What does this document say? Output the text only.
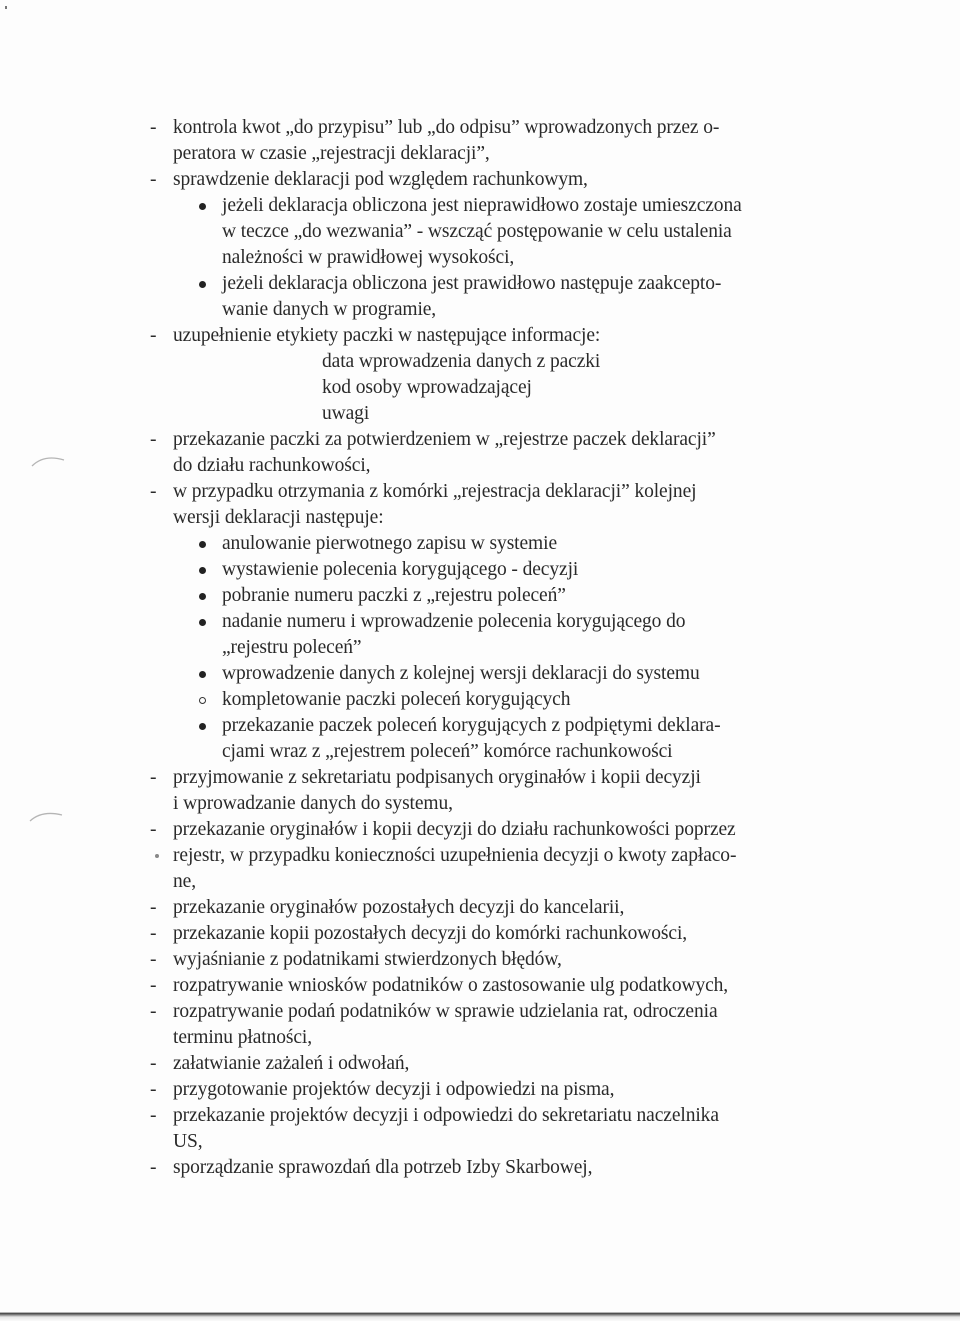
- kontrola kwot „do przypisu” lub „do odpisu” wprowadzonych przez o-
peratora w czasie „rejestracji deklaracji”,
- sprawdzenie deklaracji pod względem rachunkowym,
jeżeli deklaracja obliczona jest nieprawidłowo zostaje umieszczona
w teczce „do wezwania” - wszcząć postępowanie w celu ustalenia
należności w prawidłowej wysokości,
jeżeli deklaracja obliczona jest prawidłowo następuje zaakcepto-
wanie danych w programie,
- uzupełnienie etykiety paczki w następujące informacje:
data wprowadzenia danych z paczki
kod osoby wprowadzającej
uwagi
- przekazanie paczki za potwierdzeniem w „rejestrze paczek deklaracji”
do działu rachunkowości,
- w przypadku otrzymania z komórki „rejestracja deklaracji” kolejnej
wersji deklaracji następuje:
anulowanie pierwotnego zapisu w systemie
wystawienie polecenia korygującego - decyzji
pobranie numeru paczki z „rejestru poleceń”
nadanie numeru i wprowadzenie polecenia korygującego do
„rejestru poleceń”
wprowadzenie danych z kolejnej wersji deklaracji do systemu
kompletowanie paczki poleceń korygujących
przekazanie paczek poleceń korygujących z podpiętymi deklara-
cjami wraz z „rejestrem poleceń” komórce rachunkowości
- przyjmowanie z sekretariatu podpisanych oryginałów i kopii decyzji
i wprowadzanie danych do systemu,
- przekazanie oryginałów i kopii decyzji do działu rachunkowości poprzez
rejestr, w przypadku konieczności uzupełnienia decyzji o kwoty zapłaco-
ne,
- przekazanie oryginałów pozostałych decyzji do kancelarii,
- przekazanie kopii pozostałych decyzji do komórki rachunkowości,
- wyjaśnianie z podatnikami stwierdzonych błędów,
- rozpatrywanie wniosków podatników o zastosowanie ulg podatkowych,
- rozpatrywanie podań podatników w sprawie udzielania rat, odroczenia
terminu płatności,
- załatwianie zażaleń i odwołań,
- przygotowanie projektów decyzji i odpowiedzi na pisma,
- przekazanie projektów decyzji i odpowiedzi do sekretariatu naczelnika
US,
- sporządzanie sprawozdań dla potrzeb Izby Skarbowej,
